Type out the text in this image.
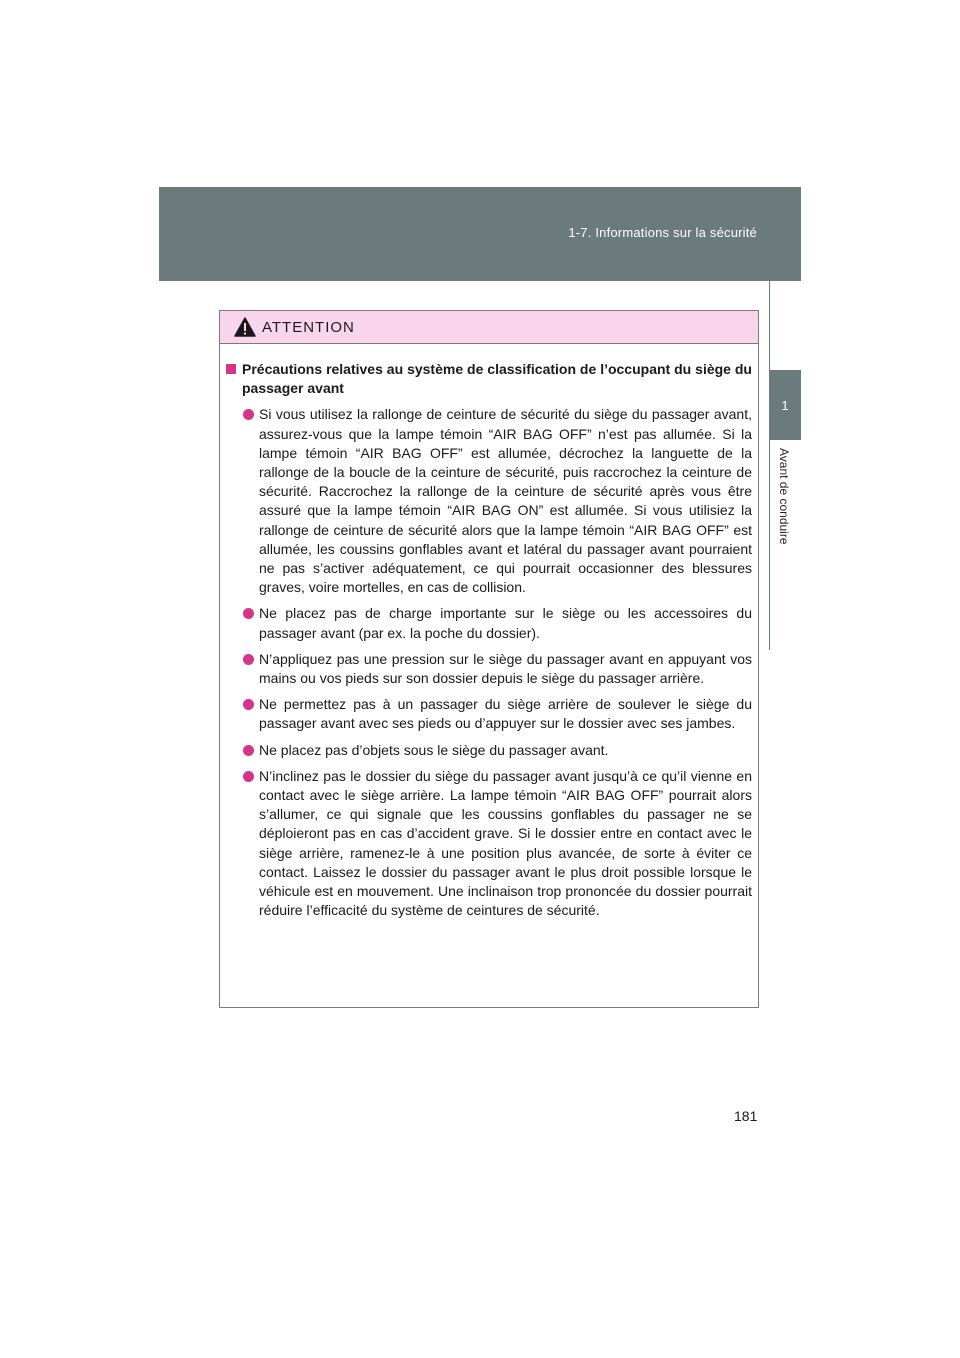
1-7. Informations sur la sécurité
1
Avant de conduire
ATTENTION
Précautions relatives au système de classification de l’occupant du siège du passager avant
Si vous utilisez la rallonge de ceinture de sécurité du siège du passager avant, assurez-vous que la lampe témoin “AIR BAG OFF” n’est pas allumée. Si la lampe témoin “AIR BAG OFF” est allumée, décrochez la languette de la rallonge de la boucle de la ceinture de sécurité, puis raccrochez la ceinture de sécurité. Raccrochez la rallonge de la ceinture de sécurité après vous être assuré que la lampe témoin “AIR BAG ON” est allumée. Si vous utilisiez la rallonge de ceinture de sécurité alors que la lampe témoin “AIR BAG OFF” est allumée, les coussins gonflables avant et latéral du passager avant pourraient ne pas s’activer adéquatement, ce qui pourrait occasionner des blessures graves, voire mortelles, en cas de collision.
Ne placez pas de charge importante sur le siège ou les accessoires du passager avant (par ex. la poche du dossier).
N’appliquez pas une pression sur le siège du passager avant en appuyant vos mains ou vos pieds sur son dossier depuis le siège du passager arrière.
Ne permettez pas à un passager du siège arrière de soulever le siège du passager avant avec ses pieds ou d’appuyer sur le dossier avec ses jambes.
Ne placez pas d’objets sous le siège du passager avant.
N’inclinez pas le dossier du siège du passager avant jusqu’à ce qu’il vienne en contact avec le siège arrière. La lampe témoin “AIR BAG OFF” pourrait alors s’allumer, ce qui signale que les coussins gonflables du passager ne se déploieront pas en cas d’accident grave. Si le dossier entre en contact avec le siège arrière, ramenez-le à une position plus avancée, de sorte à éviter ce contact. Laissez le dossier du passager avant le plus droit possible lorsque le véhicule est en mouvement. Une inclinaison trop prononcée du dossier pourrait réduire l’efficacité du système de ceintures de sécurité.
181
